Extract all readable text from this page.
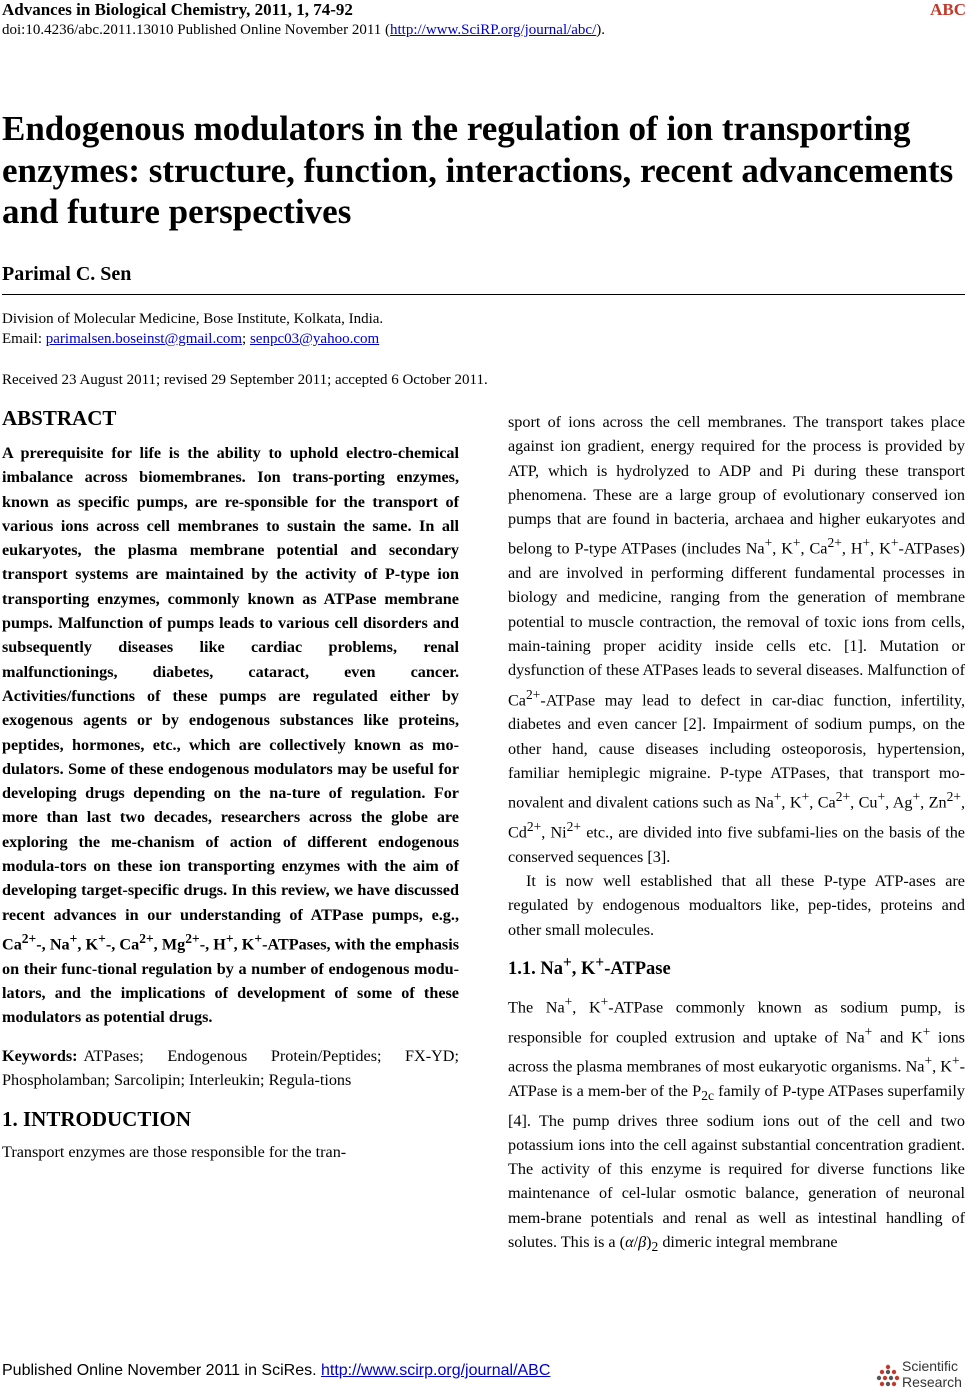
Advances in Biological Chemistry, 2011, 1, 74-92	ABC
doi:10.4236/abc.2011.13010 Published Online November 2011 (http://www.SciRP.org/journal/abc/).
Endogenous modulators in the regulation of ion transporting enzymes: structure, function, interactions, recent advancements and future perspectives
Parimal C. Sen
Division of Molecular Medicine, Bose Institute, Kolkata, India.
Email: parimalsen.boseinst@gmail.com; senpc03@yahoo.com
Received 23 August 2011; revised 29 September 2011; accepted 6 October 2011.
ABSTRACT
A prerequisite for life is the ability to uphold electro-chemical imbalance across biomembranes. Ion trans-porting enzymes, known as specific pumps, are re-sponsible for the transport of various ions across cell membranes to sustain the same. In all eukaryotes, the plasma membrane potential and secondary transport systems are maintained by the activity of P-type ion transporting enzymes, commonly known as ATPase membrane pumps. Malfunction of pumps leads to various cell disorders and subsequently diseases like cardiac problems, renal malfunctionings, diabetes, cataract, even cancer. Activities/functions of these pumps are regulated either by exogenous agents or by endogenous substances like proteins, peptides, hormones, etc., which are collectively known as mo-dulators. Some of these endogenous modulators may be useful for developing drugs depending on the na-ture of regulation. For more than last two decades, researchers across the globe are exploring the me-chanism of action of different endogenous modula-tors on these ion transporting enzymes with the aim of developing target-specific drugs. In this review, we have discussed recent advances in our understanding of ATPase pumps, e.g., $Ca^{2+}-$, Na+, K+-, $Ca^{2+}$, $Mg^{2+}-$, H+, K+-ATPases, with the emphasis on their func-tional regulation by a number of endogenous modu-lators, and the implications of development of some of these modulators as potential drugs.
Keywords: ATPases; Endogenous Protein/Peptides; FX-YD; Phospholamban; Sarcolipin; Interleukin; Regula-tions
1. INTRODUCTION
Transport enzymes are those responsible for the tran-
sport of ions across the cell membranes. The transport takes place against ion gradient, energy required for the process is provided by ATP, which is hydrolyzed to ADP and Pi during these transport phenomena. These are a large group of evolutionary conserved ion pumps that are found in bacteria, archaea and higher eukaryotes and belong to P-type ATPases (includes Na+, K+, $Ca^{2+}$, H+, K+-ATPases) and are involved in performing different fundamental processes in biology and medicine, ranging from the generation of membrane potential to muscle contraction, the removal of toxic ions from cells, main-taining proper acidity inside cells etc. [1]. Mutation or dysfunction of these ATPases leads to several diseases. Malfunction of $Ca^{2+}$-ATPase may lead to defect in car-diac function, infertility, diabetes and even cancer [2]. Impairment of sodium pumps, on the other hand, cause diseases including osteoporosis, hypertension, familiar hemiplegic migraine. P-type ATPases, that transport mo-novalent and divalent cations such as Na+, K+, $Ca^{2+}$, Cu+, Ag+, $Zn^{2+}$, $Cd^{2+}$, $Ni^{2+}$ etc., are divided into five subfami-lies on the basis of the conserved sequences [3].
It is now well established that all these P-type ATP-ases are regulated by endogenous modualtors like, pep-tides, proteins and other small molecules.
1.1. Na+, K+-ATPase
The Na+, K+-ATPase commonly known as sodium pump, is responsible for coupled extrusion and uptake of Na+ and K+ ions across the plasma membranes of most eukaryotic organisms. Na+, K+-ATPase is a mem-ber of the $P_{2c}$ family of P-type ATPases superfamily [4]. The pump drives three sodium ions out of the cell and two potassium ions into the cell against substantial concentration gradient. The activity of this enzyme is required for diverse functions like maintenance of cel-lular osmotic balance, generation of neuronal mem-brane potentials and renal as well as intestinal handling of solutes. This is a $(\alpha/\beta)_2$ dimeric integral membrane
Published Online November 2011 in SciRes. http://www.scirp.org/journal/ABC	Scientific
Research
